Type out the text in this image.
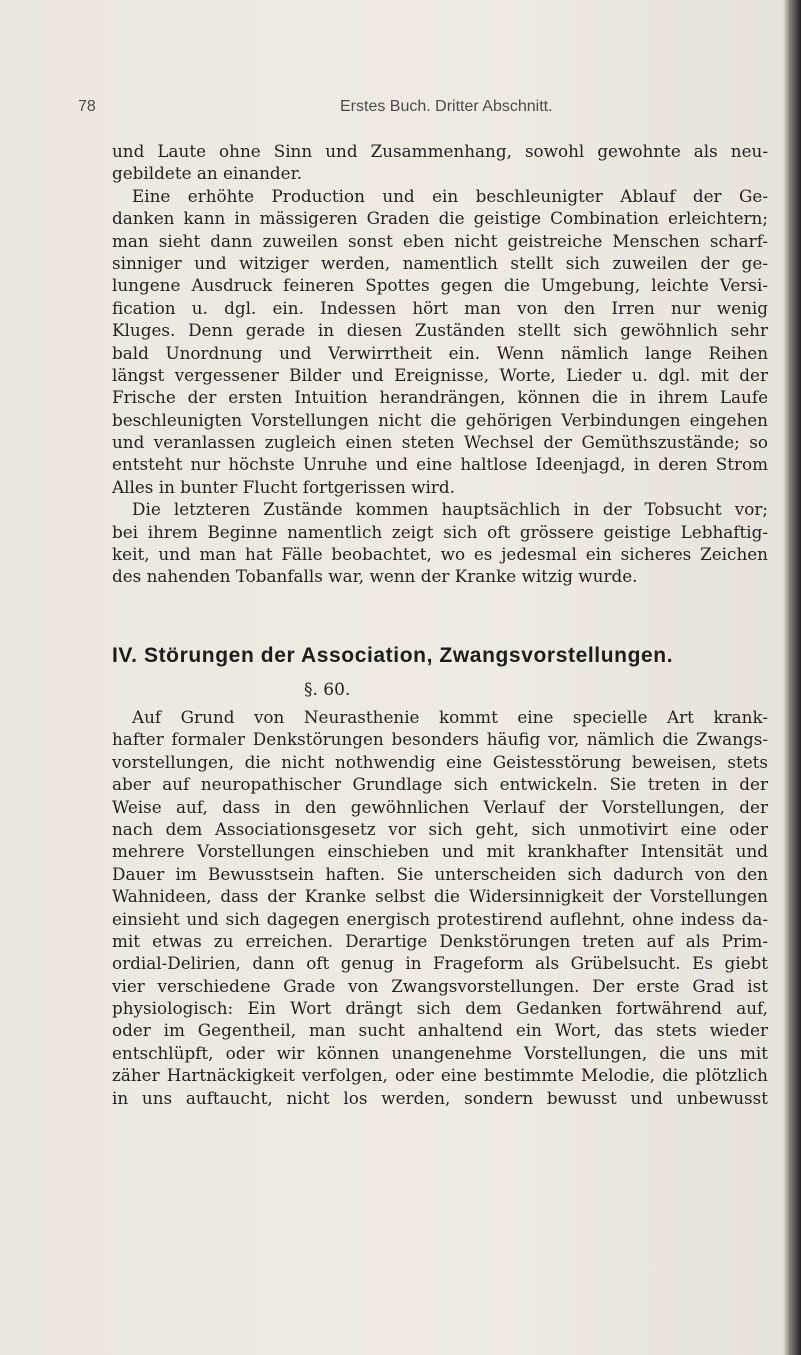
78	Erstes Buch. Dritter Abschnitt.
und Laute ohne Sinn und Zusammenhang, sowohl gewohnte als neu-
gebildete an einander.
Eine erhöhte Production und ein beschleunigter Ablauf der Ge-
danken kann in mässigeren Graden die geistige Combination erleichtern;
man sieht dann zuweilen sonst eben nicht geistreiche Menschen scharf-
sinniger und witziger werden, namentlich stellt sich zuweilen der ge-
lungene Ausdruck feineren Spottes gegen die Umgebung, leichte Versi-
fication u. dgl. ein. Indessen hört man von den Irren nur wenig
Kluges. Denn gerade in diesen Zuständen stellt sich gewöhnlich sehr
bald Unordnung und Verwirrtheit ein. Wenn nämlich lange Reihen
längst vergessener Bilder und Ereignisse, Worte, Lieder u. dgl. mit der
Frische der ersten Intuition herandrängen, können die in ihrem Laufe
beschleunigten Vorstellungen nicht die gehörigen Verbindungen eingehen
und veranlassen zugleich einen steten Wechsel der Gemüthszustände; so
entsteht nur höchste Unruhe und eine haltlose Ideenjagd, in deren Strom
Alles in bunter Flucht fortgerissen wird.
Die letzteren Zustände kommen hauptsächlich in der Tobsucht vor;
bei ihrem Beginne namentlich zeigt sich oft grössere geistige Lebhaftig-
keit, und man hat Fälle beobachtet, wo es jedesmal ein sicheres Zeichen
des nahenden Tobanfalls war, wenn der Kranke witzig wurde.
IV. Störungen der Association, Zwangsvorstellungen.
§. 60.
Auf Grund von Neurasthenie kommt eine specielle Art krank-
hafter formaler Denkstörungen besonders häufig vor, nämlich die Zwangs-
vorstellungen, die nicht nothwendig eine Geistesstörung beweisen, stets
aber auf neuropathischer Grundlage sich entwickeln. Sie treten in der
Weise auf, dass in den gewöhnlichen Verlauf der Vorstellungen, der
nach dem Associationsgesetz vor sich geht, sich unmotivirt eine oder
mehrere Vorstellungen einschieben und mit krankhafter Intensität und
Dauer im Bewusstsein haften. Sie unterscheiden sich dadurch von den
Wahnideen, dass der Kranke selbst die Widersinnigkeit der Vorstellungen
einsieht und sich dagegen energisch protestirend auflehnt, ohne indess da-
mit etwas zu erreichen. Derartige Denkstörungen treten auf als Prim-
ordial-Delirien, dann oft genug in Frageform als Grübelsucht. Es giebt
vier verschiedene Grade von Zwangsvorstellungen. Der erste Grad ist
physiologisch: Ein Wort drängt sich dem Gedanken fortwährend auf,
oder im Gegentheil, man sucht anhaltend ein Wort, das stets wieder
entschlüpft, oder wir können unangenehme Vorstellungen, die uns mit
zäher Hartnäckigkeit verfolgen, oder eine bestimmte Melodie, die plötzlich
in uns auftaucht, nicht los werden, sondern bewusst und unbewusst
